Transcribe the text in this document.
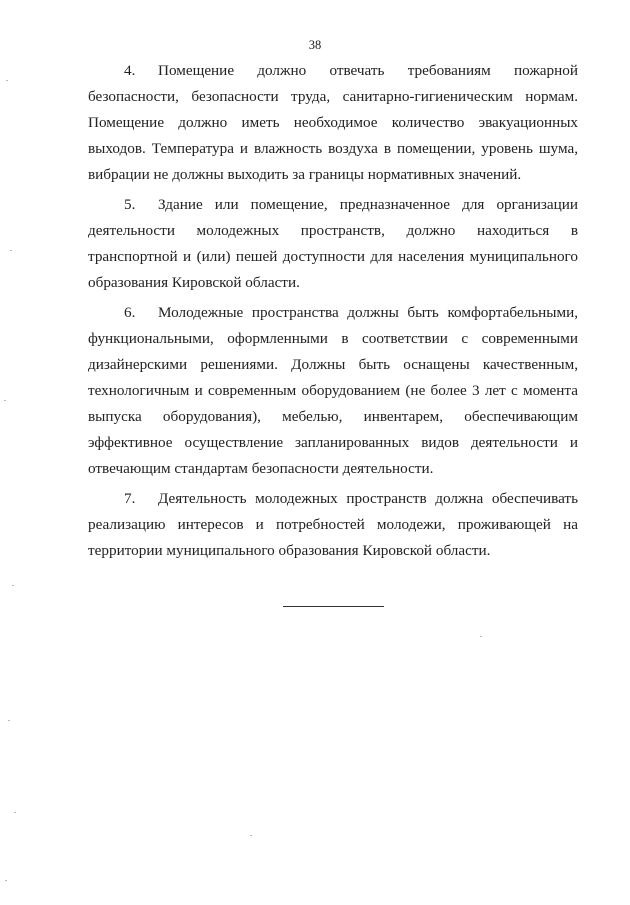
38

4. Помещение должно отвечать требованиям пожарной безопасности, безопасности труда, санитарно-гигиеническим нормам. Помещение должно иметь необходимое количество эвакуационных выходов. Температура и влажность воздуха в помещении, уровень шума, вибрации не должны выходить за границы нормативных значений.

5. Здание или помещение, предназначенное для организации деятельности молодежных пространств, должно находиться в транспортной и (или) пешей доступности для населения муниципального образования Кировской области.

6. Молодежные пространства должны быть комфортабельными, функциональными, оформленными в соответствии с современными дизайнерскими решениями. Должны быть оснащены качественным, технологичным и современным оборудованием (не более 3 лет с момента выпуска оборудования), мебелью, инвентарем, обеспечивающим эффективное осуществление запланированных видов деятельности и отвечающим стандартам безопасности деятельности.

7. Деятельность молодежных пространств должна обеспечивать реализацию интересов и потребностей молодежи, проживающей на территории муниципального образования Кировской области.
